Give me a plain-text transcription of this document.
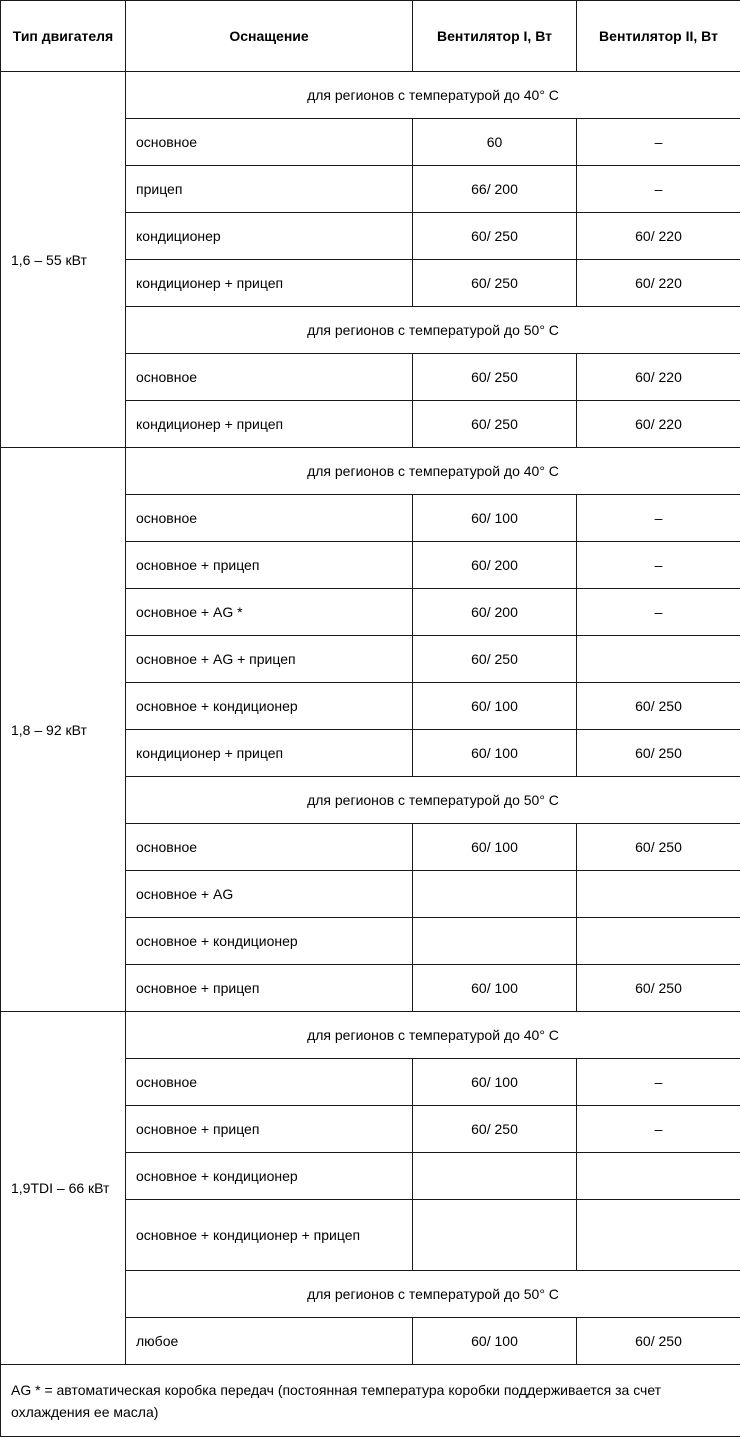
Тип двигателя	Оснащение	Вентилятор I, Вт	Вентилятор II, Вт
1,6 – 55 кВт	для регионов с температурой до 40° C		
	основное	60	–
	прицеп	66/ 200	–
	кондиционер	60/ 250	60/ 220
	кондиционер + прицеп	60/ 250	60/ 220
	для регионов с температурой до 50° C		
	основное	60/ 250	60/ 220
	кондиционер + прицеп	60/ 250	60/ 220
1,8 – 92 кВт	для регионов с температурой до 40° C		
	основное	60/ 100	–
	основное + прицеп	60/ 200	–
	основное + AG *	60/ 200	–
	основное + AG + прицеп	60/ 250	
	основное + кондиционер	60/ 100	60/ 250
	кондиционер + прицеп	60/ 100	60/ 250
	для регионов с температурой до 50° C		
	основное	60/ 100	60/ 250
	основное + AG		
	основное + кондиционер		
	основное + прицеп	60/ 100	60/ 250
1,9TDI – 66 кВт	для регионов с температурой до 40° C		
	основное	60/ 100	–
	основное + прицеп	60/ 250	–
	основное + кондиционер		
	основное + кондиционер + прицеп		
	для регионов с температурой до 50° C		
	любое	60/ 100	60/ 250
AG * = автоматическая коробка передач (постоянная температура коробки поддерживается за счет охлаждения ее масла)			
